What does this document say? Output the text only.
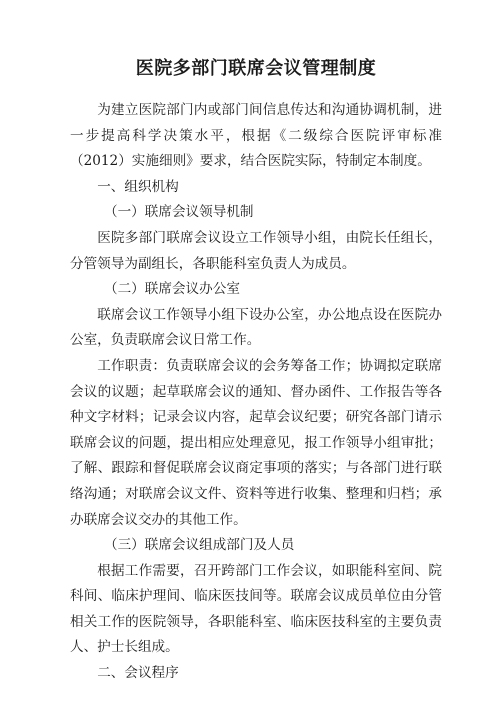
医院多部门联席会议管理制度

为建立医院部门内或部门间信息传达和沟通协调机制，进一步提高科学决策水平，根据《二级综合医院评审标准（2012）实施细则》要求，结合医院实际，特制定本制度。

一、组织机构

（一）联席会议领导机制

医院多部门联席会议设立工作领导小组，由院长任组长，分管领导为副组长，各职能科室负责人为成员。

（二）联席会议办公室

联席会议工作领导小组下设办公室，办公地点设在医院办公室，负责联席会议日常工作。

工作职责：负责联席会议的会务筹备工作；协调拟定联席会议的议题；起草联席会议的通知、督办函件、工作报告等各种文字材料；记录会议内容，起草会议纪要；研究各部门请示联席会议的问题，提出相应处理意见，报工作领导小组审批；了解、跟踪和督促联席会议商定事项的落实；与各部门进行联络沟通；对联席会议文件、资料等进行收集、整理和归档；承办联席会议交办的其他工作。

（三）联席会议组成部门及人员

根据工作需要，召开跨部门工作会议，如职能科室间、院科间、临床护理间、临床医技间等。联席会议成员单位由分管相关工作的医院领导，各职能科室、临床医技科室的主要负责人、护士长组成。

二、会议程序
